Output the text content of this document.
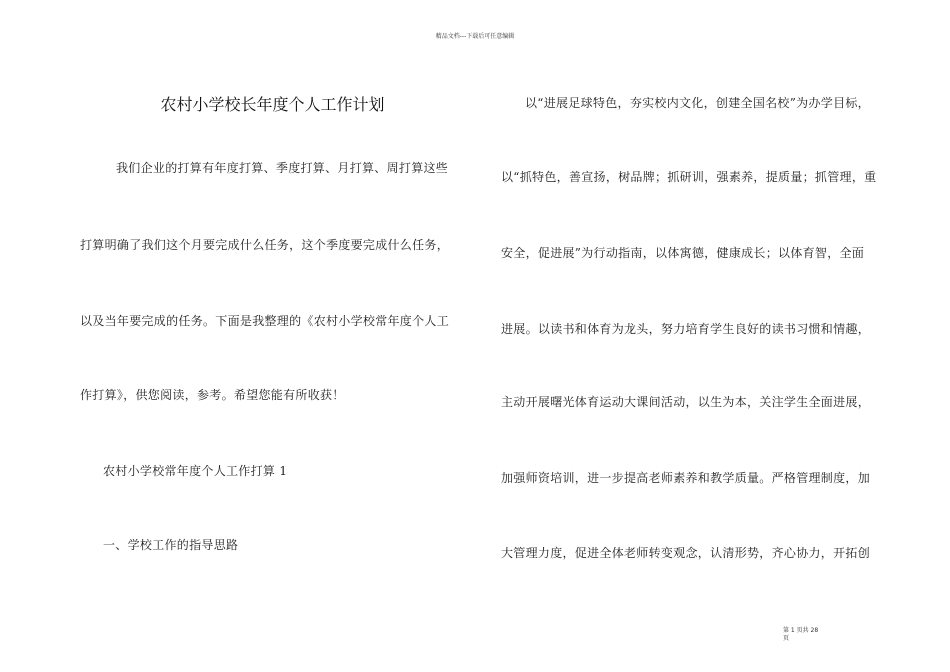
精品文档---下载后可任意编辑
农村小学校长年度个人工作计划
我们企业的打算有年度打算、季度打算、月打算、周打算这些
打算明确了我们这个月要完成什么任务，这个季度要完成什么任务，
以及当年要完成的任务。下面是我整理的《农村小学校常年度个人工
作打算》，供您阅读，参考。希望您能有所收获！
农村小学校常年度个人工作打算 1
一、学校工作的指导思路
以“进展足球特色，夯实校内文化，创建全国名校”为办学目标，
以“抓特色，善宣扬，树品牌；抓研训，强素养，提质量；抓管理，重
安全，促进展”为行动指南，以体寓德，健康成长；以体育智，全面
进展。以读书和体育为龙头，努力培育学生良好的读书习惯和情趣，
主动开展曙光体育运动大课间活动，以生为本，关注学生全面进展，
加强师资培训，进一步提高老师素养和教学质量。严格管理制度，加
大管理力度，促进全体老师转变观念，认清形势，齐心协力，开拓创
第 1 页共 28 页
